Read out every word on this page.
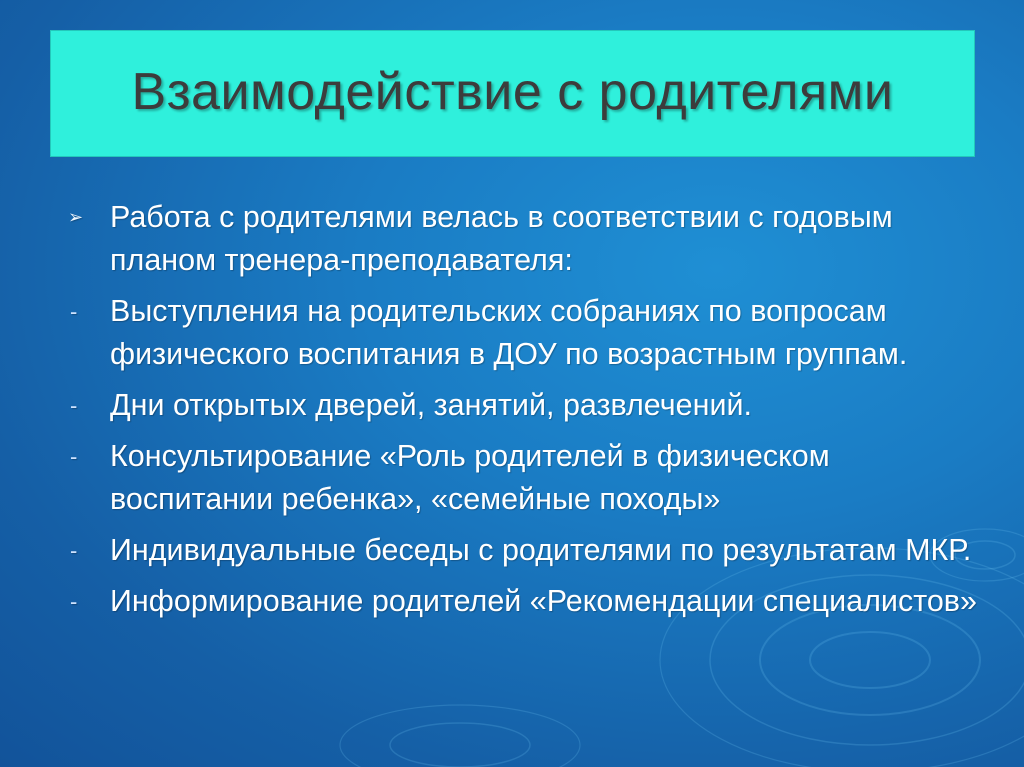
Взаимодействие с родителями
➢ Работа с родителями велась в соответствии с годовым планом тренера-преподавателя:
-	Выступления на родительских собраниях по вопросам физического воспитания в ДОУ по возрастным группам.
-	Дни открытых дверей, занятий, развлечений.
-	Консультирование «Роль родителей в физическом воспитании ребенка», «семейные походы»
-	Индивидуальные беседы с родителями по результатам МКР.
-	Информирование родителей «Рекомендации специалистов»
